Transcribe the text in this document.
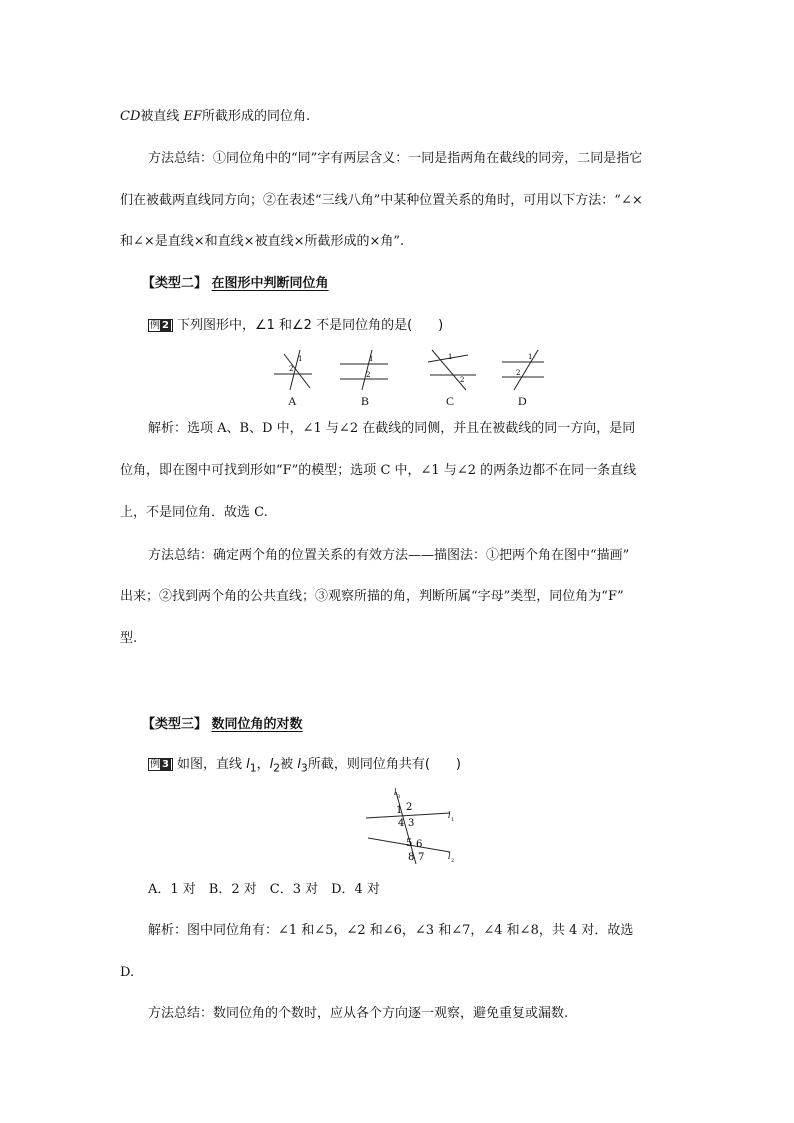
CD被直线 EF所截形成的同位角.
方法总结：①同位角中的“同”字有两层含义：一同是指两角在截线的同旁，二同是指它
们在被截两直线同方向；②在表述“三线八角”中某种位置关系的角时，可用以下方法：“∠×
和∠×是直线×和直线×被直线×所截形成的×角”.
【类型二】 在图形中判断同位角
例 2 下列图形中，∠1 和∠2 不是同位角的是(　　)
1
2
1
2
1
2
1
2
A	B	C	D
解析：选项 A、B、D 中，∠1 与∠2 在截线的同侧，并且在被截线的同一方向，是同
位角，即在图中可找到形如“F”的模型；选项 C 中，∠1 与∠2 的两条边都不在同一条直线
上，不是同位角．故选 C.
方法总结：确定两个角的位置关系的有效方法——描图法：①把两个角在图中“描画”
出来；②找到两个角的公共直线；③观察所描的角，判断所属“字母”类型，同位角为“F”
型.
【类型三】 数同位角的对数
例 3 如图，直线 $l_1$，$l_2$被 $l_3$所截，则同位角共有(　　)
l 3
l 1
l 2
1 2
3
4
5 6
7
8
A．1 对　B．2 对　C．3 对　D．4 对
解析：图中同位角有：∠1 和∠5，∠2 和∠6，∠3 和∠7，∠4 和∠8，共 4 对．故选
D.
方法总结：数同位角的个数时，应从各个方向逐一观察，避免重复或漏数.
